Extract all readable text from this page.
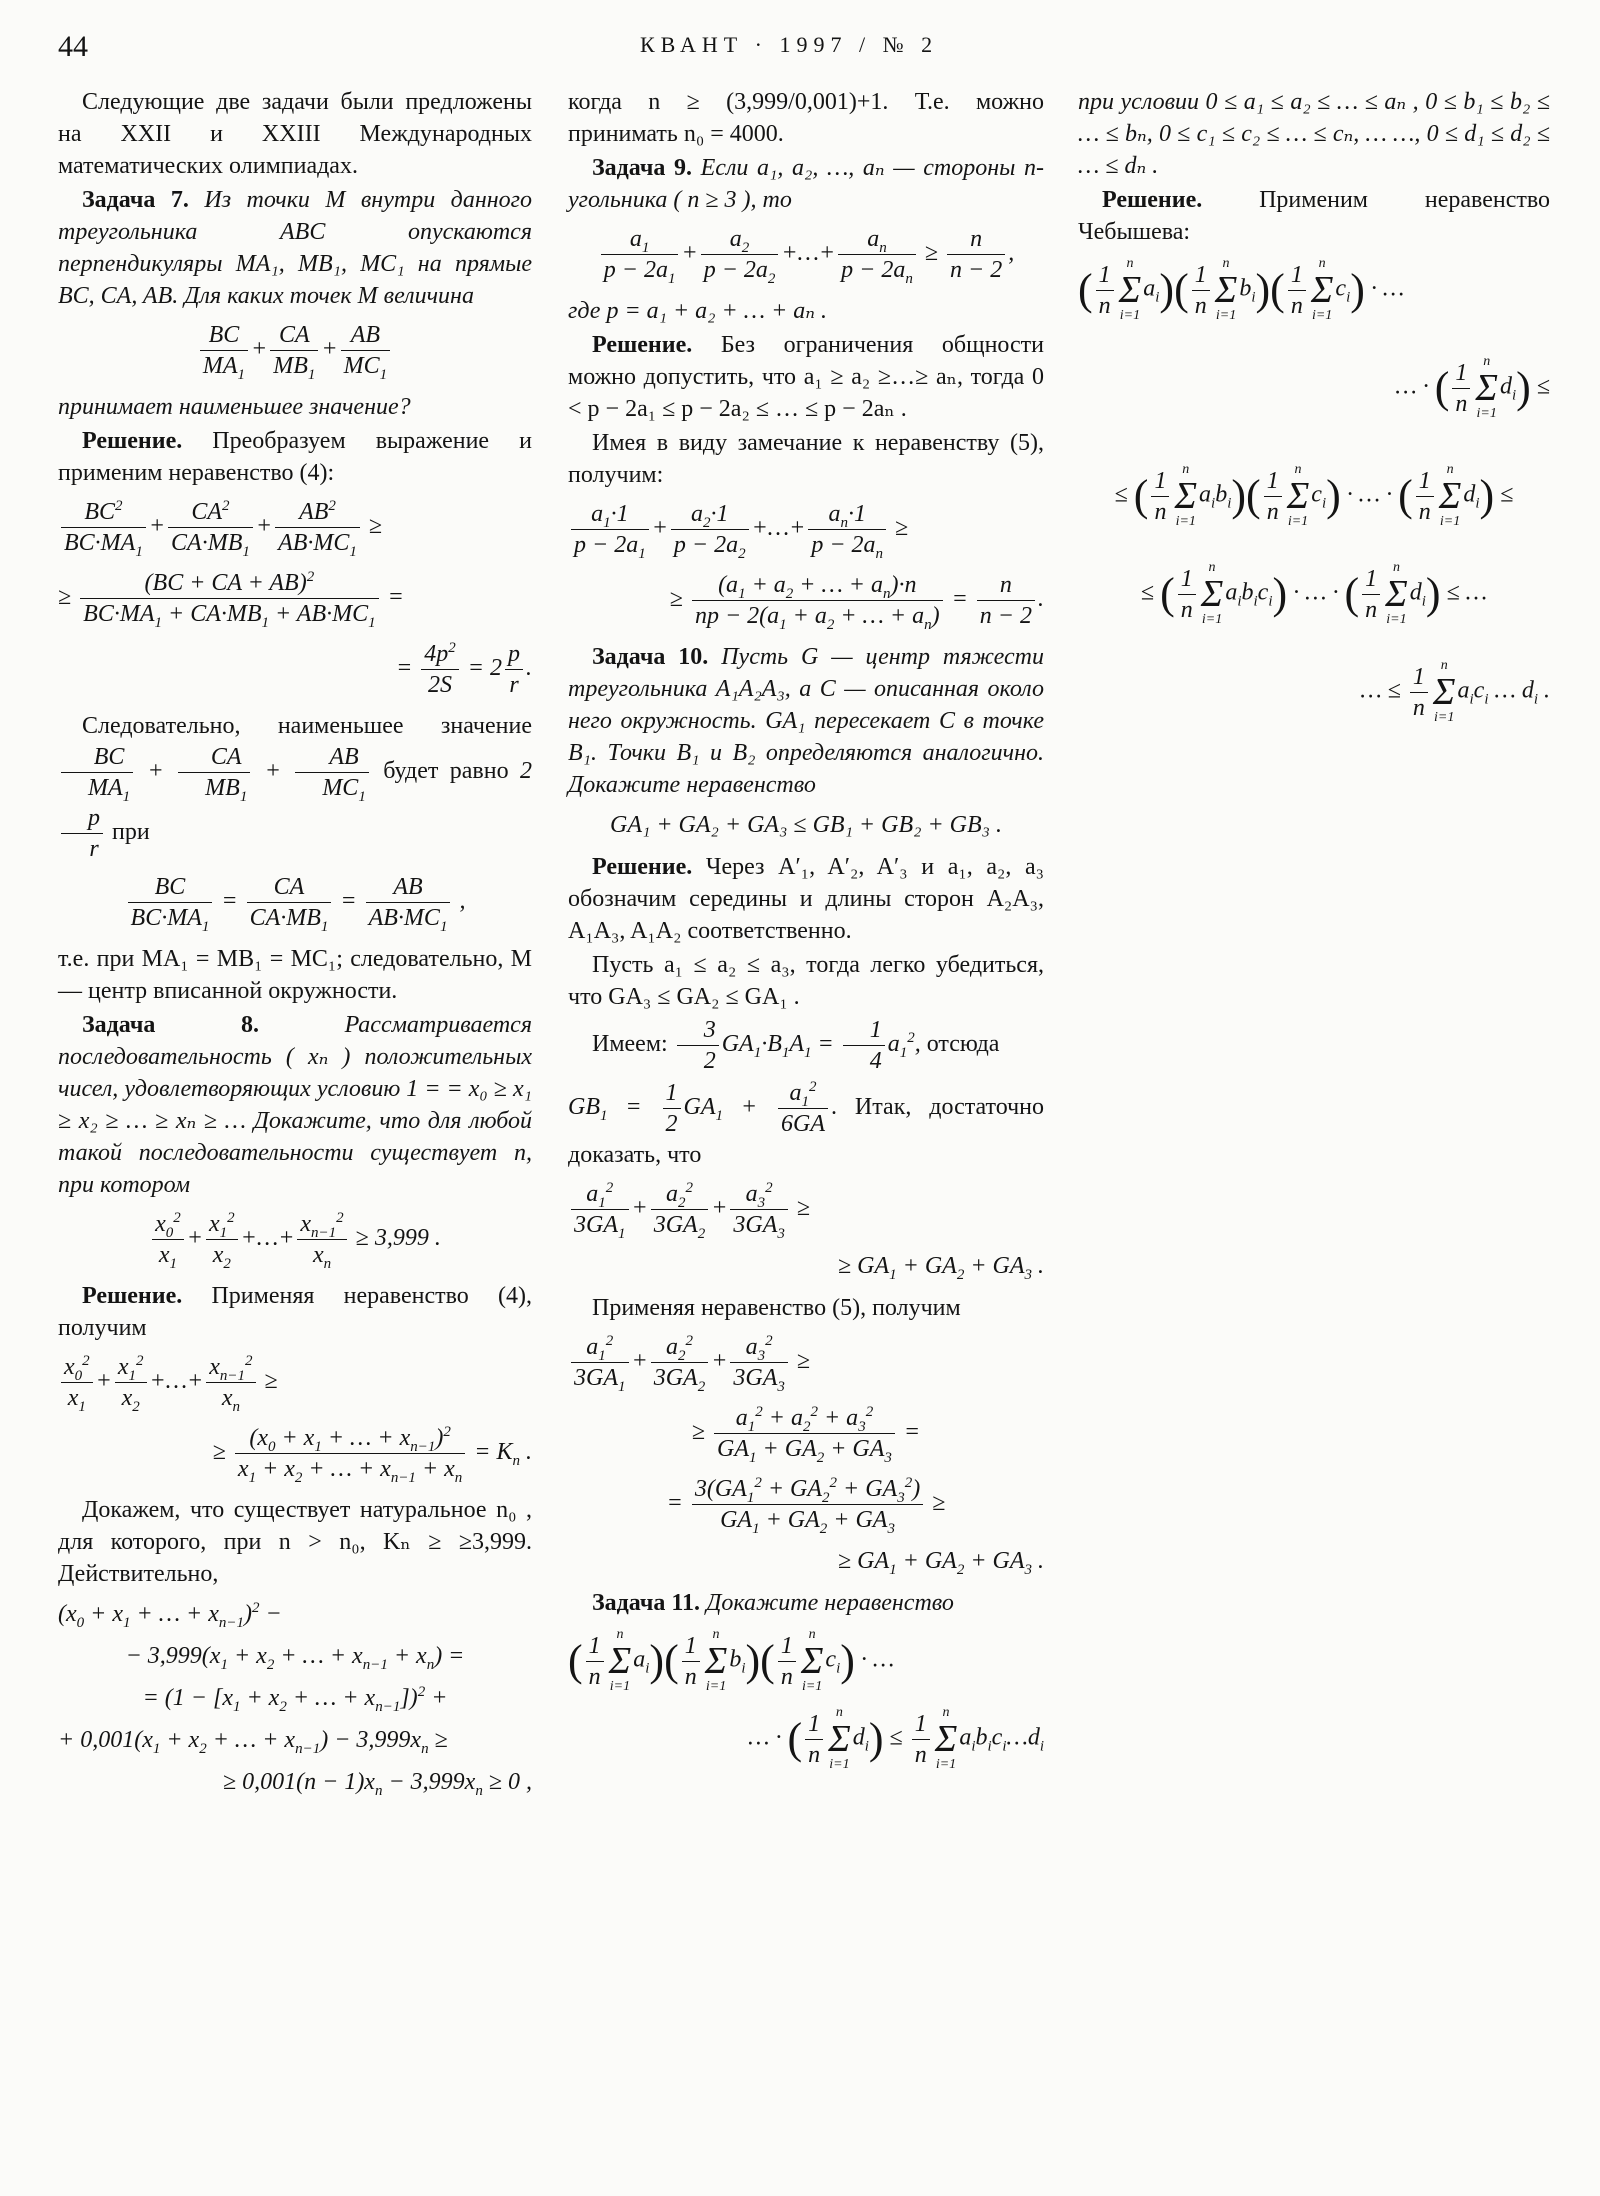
44	КВАНТ · 1997 / № 2

Следующие две задачи были предложены на XXII и XXIII Международных математических олимпиадах.

Задача 7. Из точки M внутри данного треугольника ABC опускаются перпендикуляры MA₁, MB₁, MC₁ на прямые BC, CA, AB. Для каких точек M величина

$\frac{BC}{MA_1} + \frac{CA}{MB_1} + \frac{AB}{MC_1}$

принимает наименьшее значение?

Решение. Преобразуем выражение и применим неравенство (4):

$\frac{BC^2}{BC\cdot MA_1} + \frac{CA^2}{CA\cdot MB_1} + \frac{AB^2}{AB\cdot MC_1}$ ≥
≥ $\frac{(BC + CA + AB)^2}{BC\cdot MA_1 + CA\cdot MB_1 + AB\cdot MC_1}$ =
= $\frac{4p^2}{2S} = 2 \frac{p}{r}$ .

Следовательно, наименьшее значение
$\frac{BC}{MA_1} + \frac{CA}{MB_1} + \frac{AB}{MC_1}$ будет равно 2
$\frac{p}{r}$ при

$\frac{BC}{BC\cdot MA_1} = \frac{CA}{CA\cdot MB_1} = \frac{AB}{AB\cdot MC_1}$ ,

т.е. при MA₁ = MB₁ = MC₁; следовательно, M — центр вписанной окружности.

Задача 8.	Рассматривается последовательность ( xₙ ) положительных чисел, удовлетворяющих условию 1 = = x₀ ≥ x₁ ≥ x₂ ≥ … ≥ xₙ ≥ … Докажите, что для любой такой последовательности существует n, при котором

$\frac{x_0^2}{x_1} + \frac{x_1^2}{x_2}$ +…+ $\frac{x_{n-1}^2}{x_n} \ge 3,999$ .

Решение. Применяя неравенство (4), получим

$\frac{x_0^2}{x_1} + \frac{x_1^2}{x_2}$ +…+ $\frac{x_{n-1}^2}{x_n}$ ≥
≥ $\frac{(x_0 + x_1 + \dots + x_{n-1})^2}{x_1 + x_2 + \dots + x_{n-1} + x_n} = K_n$ .

Докажем, что существует натуральное n₀ , для которого, при n > n₀, Kₙ ≥ ≥3,999. Действительно,

($x_0 + x_1$ + … + $x_{n-1})^2$ −
− $3,999(x_1 + x_2$ + … + $x_{n-1} + x_n$) =
= ($1 - [x_1 + x_2$ + … + $x_{n-1}])^2$ +
+ $0,001(x_1 + x_2$ + … + $x_{n-1}) - 3,999x_n$ ≥
≥ $0,001(n - 1)x_n - 3,999x_n \ge 0$ ,

когда n ≥ (3,999/0,001)+1. Т.е. можно принимать n₀ = 4000.

Задача 9. Если a₁, a₂, …, aₙ — стороны n-угольника ( n ≥ 3 ), то

$\frac{a_1}{p - 2a_1} + \frac{a_2}{p - 2a_2}$ +…+ $\frac{a_n}{p - 2a_n} \ge \frac{n}{n - 2}$ ,

где p = a₁ + a₂ + … + aₙ .

Решение. Без ограничения общности можно допустить, что a₁ ≥ a₂ ≥…≥ aₙ, тогда 0 < p − 2a₁ ≤ p − 2a₂ ≤ … ≤ p − 2aₙ .

Имея в виду замечание к неравенству (5), получим:

$\frac{a_1\cdot 1}{p - 2a_1} + \frac{a_2\cdot 1}{p - 2a_2}$ +…+ $\frac{a_n\cdot 1}{p - 2a_n}$ ≥
≥ $\frac{(a_1 + a_2 + \dots + a_n)\cdot n}{np - 2(a_1 + a_2 + \dots + a_n)} = \frac{n}{n - 2}$ .

Задача 10. Пусть G — центр тяжести треугольника A₁A₂A₃, а C — описанная около него окружность. GA₁ пересекает C в точке B₁. Точки B₁ и B₂ определяются аналогично. Докажите неравенство

GA₁ + GA₂ + GA₃ ≤ GB₁ + GB₂ + GB₃ .

Решение. Через A′₁, A′₂, A′₃ и a₁, a₂, a₃ обозначим середины и длины сторон A₂A₃, A₁A₃, A₁A₂ соответственно.

Пусть a₁ ≤ a₂ ≤ a₃, тогда легко убедиться, что GA₃ ≤ GA₂ ≤ GA₁ .

Имеем: $\frac{3}{2} GA_1\cdot B_1A_1 = \frac{1}{4} a_1^2$, отсюда

$GB_1 = \frac{1}{2} GA_1 + \frac{a_1^2}{6GA}$ . Итак, достаточно доказать, что

$\frac{a_1^2}{3GA_1} + \frac{a_2^2}{3GA_2} + \frac{a_3^2}{3GA_3}$ ≥
≥ $GA_1 + GA_2 + GA_3$ .

Применяя неравенство (5), получим

$\frac{a_1^2}{3GA_1} + \frac{a_2^2}{3GA_2} + \frac{a_3^2}{3GA_3}$ ≥
≥ $\frac{a_1^2 + a_2^2 + a_3^2}{GA_1 + GA_2 + GA_3}$ =
= $\frac{3(GA_1^2 + GA_2^2 + GA_3^2)}{GA_1 + GA_2 + GA_3}$ ≥
≥ $GA_1 + GA_2 + GA_3$ .

Задача 11. Докажите неравенство

( $\frac{1}{n}$ n
Σ
i=1
$a_i)( \frac{1}{n}$ n
Σ
i=1
$b_i)( \frac{1}{n}$ n
Σ
i=1
$c_i$) · …
… · ( $\frac{1}{n}$ n
Σ
i=1
$d_i) \le \frac{1}{n}$ n
Σ
i=1
$a_ib_ic_i\dots d_i$

при условии 0 ≤ a₁ ≤ a₂ ≤ … ≤ aₙ , 0 ≤ b₁ ≤ b₂ ≤ … ≤ bₙ, 0 ≤ c₁ ≤ c₂ ≤ … ≤ cₙ, … …, 0 ≤ d₁ ≤ d₂ ≤ … ≤ dₙ .

Решение. Применим неравенство Чебышева:

( $\frac{1}{n}$ n
Σ
i=1
$a_i)( \frac{1}{n}$ n
Σ
i=1
$b_i)( \frac{1}{n}$ n
Σ
i=1
$c_i$) · …
… · ( $\frac{1}{n}$ n
Σ
i=1
$d_i$) ≤
≤ ( $\frac{1}{n}$ n
Σ
i=1
$a_ib_i)( \frac{1}{n}$ n
Σ
i=1
$c_i$) · … · ( $\frac{1}{n}$ n
Σ
i=1
$d_i$) ≤
≤ ( $\frac{1}{n}$ n
Σ
i=1
$a_ib_ic_i$) · … · ( $\frac{1}{n}$ n
Σ
i=1
$d_i$) ≤ …
… ≤ $\frac{1}{n}$ n
Σ
i=1
$a_ic_i$ … $d_i$ .
